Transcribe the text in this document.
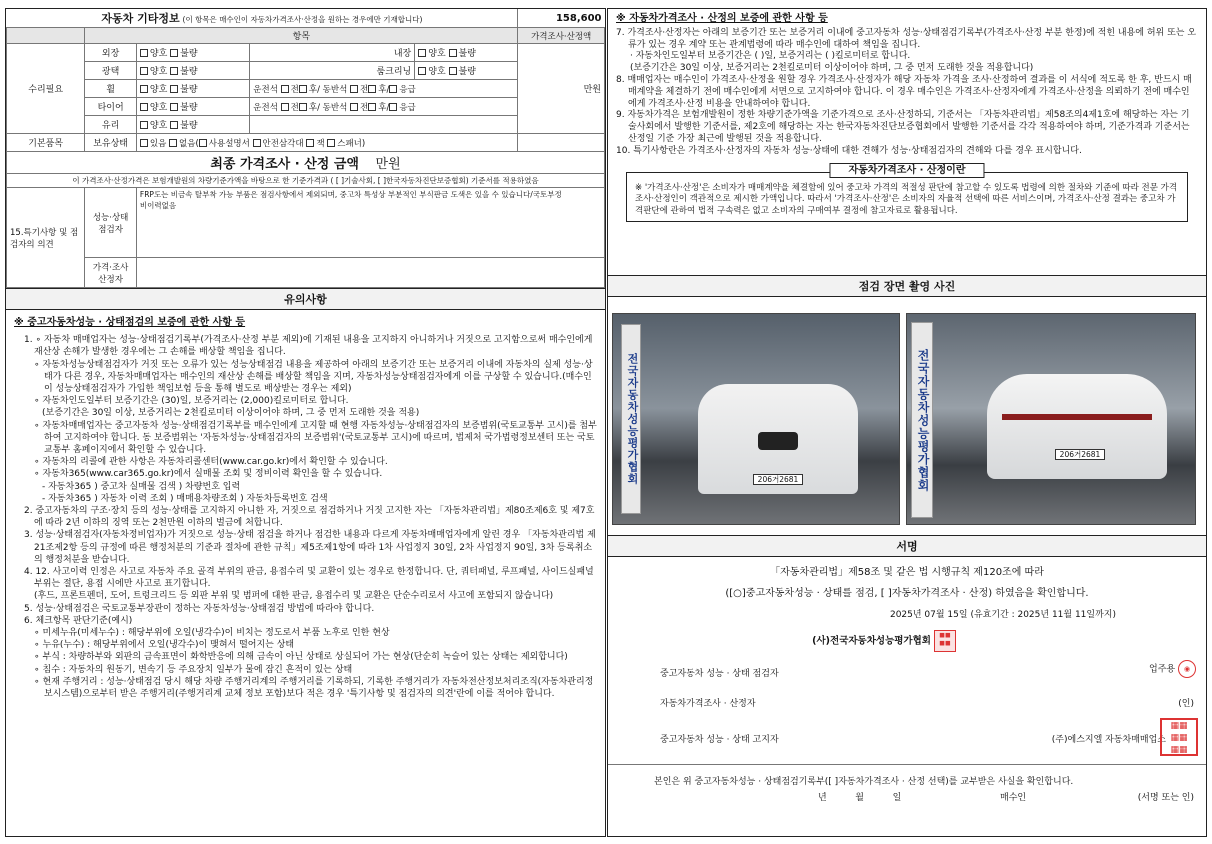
자동차 기타정보 (이 항목은 매수인이 자동차가격조사·산정을 원하는 경우에만 기재합니다)					158,600
	항목				가격조사·산정액
수리필요	외장	양호 불량	내장	양호 불량	만원
	광택	양호 불량	룸크리닝	양호 불량	
	휠	양호 불량	운전석 전 후/ 동반석 전 후/ 응급		
	타이어	양호 불량	운전석 전 후/ 동반석 전 후/ 응급		
	유리	양호 불량			
기본품목	보유상태	있음 없음( 사용설명서 안전삼각대 잭 스패너)			
최종 가격조사 · 산정 금액 만원					
이 가격조사·산정가격은 보험개발원의 차량기준가액을 바탕으로 한 기준가격과 ( [ ]기술사회, [ ]한국자동차진단보증협회) 기준서를 적용하였음					
15.특기사항 및 점검자의 의견	성능·상태 점검자	FRP도는 비금속 탈부착 가능 부품은 점검사항에서 제외되며, 중고차 특성상 부분적인 부식판금 도색은 있을 수 있습니다/국토부정비이력없음			
	가격·조사 산정자				
유의사항
※ 중고자동차성능 · 상태점검의 보증에 관한 사항 등
1. ∘ 자동차 매매업자는 성능·상태점검기록부(가격조사·산정 부분 제외)에 기재된 내용을 고지하지 아니하거나 거짓으로 고지함으로써 매수인에게 재산상 손해가 발생한 경우에는 그 손해를 배상할 책임을 집니다.
∘ 자동차성능상태점검자가 거짓 또는 오류가 있는 성능상태점검 내용을 제공하여 아래의 보증기간 또는 보증거리 이내에 자동차의 실제 성능·상태가 다른 경우, 자동차매매업자는 매수인의 재산상 손해를 배상할 책임을 지며, 자동차성능상태점검자에게 이를 구상할 수 있습니다.(매수인이 성능상태점검자가 가입한 책임보험 등을 통해 별도로 배상받는 경우는 제외)
∘ 자동차인도일부터 보증기간은 (30)일, 보증거리는 (2,000)킬로미터로 합니다.
(보증기간은 30일 이상, 보증거리는 2천킬로미터 이상이어야 하며, 그 중 먼저 도래한 것을 적용)
∘ 자동차매매업자는 중고자동차 성능·상태점검기록부를 매수인에게 고지할 때 현행 자동차성능·상태점검자의 보증범위(국토교통부 고시)를 첨부하여 고지하여야 합니다. 동 보증범위는 '자동차성능·상태점검자의 보증범위'(국토교통부 고시)에 따르며, 법제처 국가법령정보센터 또는 국토교통부 홈페이지에서 확인할 수 있습니다.
∘ 자동차의 리콜에 관한 사항은 자동차리콜센터(www.car.go.kr)에서 확인할 수 있습니다.
∘ 자동차365(www.car365.go.kr)에서 실매물 조회 및 정비이력 확인을 할 수 있습니다.
- 자동차365 ) 중고차 실매물 검색 ) 차량번호 입력
- 자동차365 ) 자동차 이력 조회 ) 매매용차량조회 ) 자동차등록번호 검색
2. 중고자동차의 구조·장치 등의 성능·상태를 고지하지 아니한 자, 거짓으로 점검하거나 거짓 고지한 자는 「자동차관리법」제80조제6호 및 제7호에 따라 2년 이하의 징역 또는 2천만원 이하의 벌금에 처합니다.
3. 성능·상태점검자(자동차정비업자)가 거짓으로 성능·상태 점검을 하거나 점검한 내용과 다르게 자동차매매업자에게 알린 경우 「자동차관리법 제21조제2항 등의 규정에 따른 행정처분의 기준과 절차에 관한 규칙」제5조제1항에 따라 1차 사업정지 30일, 2차 사업정지 90일, 3차 등록취소의 행정처분을 받습니다.
4. 12. 사고이력 인정은 사고로 자동차 주요 골격 부위의 판금, 용접수리 및 교환이 있는 경우로 한정합니다. 단, 쿼터패널, 루프패널, 사이드실패널 부위는 절단, 용접 시에만 사고로 표기합니다.
(후드, 프론트펜더, 도어, 트렁크리드 등 외판 부위 및 범퍼에 대한 판금, 용접수리 및 교환은 단순수리로서 사고에 포함되지 않습니다)
5. 성능·상태점검은 국토교통부장관이 정하는 자동차성능·상태점검 방법에 따라야 합니다.
6. 체크항목 판단기준(예시)
∘ 미세누유(미세누수) : 해당부위에 오일(냉각수)이 비치는 정도로서 부품 노후로 인한 현상
∘ 누유(누수) : 해당부위에서 오일(냉각수)이 맺혀서 떨어지는 상태
∘ 부식 : 차량하부와 외판의 금속표면이 화학반응에 의해 금속이 아닌 상태로 상실되어 가는 현상(단순히 녹슬어 있는 상태는 제외합니다)
∘ 침수 : 자동차의 원동기, 변속기 등 주요장치 일부가 물에 잠긴 흔적이 있는 상태
∘ 현재 주행거리 : 성능·상태점검 당시 해당 차량 주행거리계의 주행거리를 기록하되, 기록한 주행거리가 자동차전산정보처리조직(자동차관리정보시스템)으로부터 받은 주행거리(주행거리계 교체 정보 포함)보다 적은 경우 '특기사항 및 점검자의 의견'란에 이를 적어야 합니다.
※ 자동차가격조사 · 산정의 보증에 관한 사항 등
7. 가격조사·산정자는 아래의 보증기간 또는 보증거리 이내에 중고자동차 성능·상태점검기록부(가격조사·산정 부분 한정)에 적힌 내용에 허위 또는 오류가 있는 경우 계약 또는 관계법령에 따라 매수인에 대하여 책임을 집니다.
· 자동차인도일부터 보증기간은 ( )일, 보증거리는 ( )킬로미터로 합니다.
(보증기간은 30일 이상, 보증거리는 2천킬로미터 이상이어야 하며, 그 중 먼저 도래한 것을 적용합니다)
8. 매매업자는 매수인이 가격조사·산정을 원할 경우 가격조사·산정자가 해당 자동차 가격을 조사·산정하여 결과를 이 서식에 적도록 한 후, 반드시 매매계약을 체결하기 전에 매수인에게 서면으로 고지하여야 합니다. 이 경우 매수인은 가격조사·산정자에게 가격조사·산정을 의뢰하기 전에 매수인에게 가격조사·산정 비용을 안내하여야 합니다.
9. 자동차가격은 보험개발원이 정한 차량기준가액을 기준가격으로 조사·산정하되, 기준서는 「자동차관리법」제58조의4제1호에 해당하는 자는 기술사회에서 발행한 기준서를, 제2호에 해당하는 자는 한국자동차진단보증협회에서 발행한 기준서를 각각 적용하여야 하며, 기준가격과 기준서는 산정일 기준 가장 최근에 발행된 것을 적용합니다.
10. 특기사항란은 가격조사·산정자의 자동차 성능·상태에 대한 견해가 성능·상태점검자의 견해와 다를 경우 표시합니다.
자동차가격조사 · 산정이란
※ '가격조사·산정'은 소비자가 매매계약을 체결함에 있어 중고차 가격의 적절성 판단에 참고할 수 있도록 법령에 의한 절차와 기준에 따라 전문 가격조사·산정인이 객관적으로 제시한 가액입니다. 따라서 '가격조사·산정'은 소비자의 자율적 선택에 따른 서비스이며, 가격조사·산정 결과는 중고차 가격판단에 관하여 법적 구속력은 없고 소비자의 구매여부 결정에 참고자료로 활용됩니다.
점검 장면 촬영 사진
전국자동차성능평가협회	206거2681	전국자동차성능평가협회	206거2681
서명
「자동차관리법」제58조 및 같은 법 시행규칙 제120조에 따라
([○]중고자동차성능 · 상태를 점검, [ ]자동차가격조사 · 산정) 하였음을 확인합니다.
2025년 07월 15일 (유효기간 : 2025년 11월 11일까지)
(사)전국자동차성능평가협회 ◼◼
◼◼
중고자동차 성능 · 상태 점검자	업주용 ◉
자동차가격조사 · 산정자	(인)
중고자동차 성능 · 상태 고지자	(주)에스지엘 자동차매매업소
▦▦
▦▦
▦▦
본인은 위 중고자동차성능 · 상태점검기록부([ ]자동차가격조사 · 산정 선택)를 교부받은 사실을 확인합니다.
년          월          일	매수인	(서명 또는 인)
